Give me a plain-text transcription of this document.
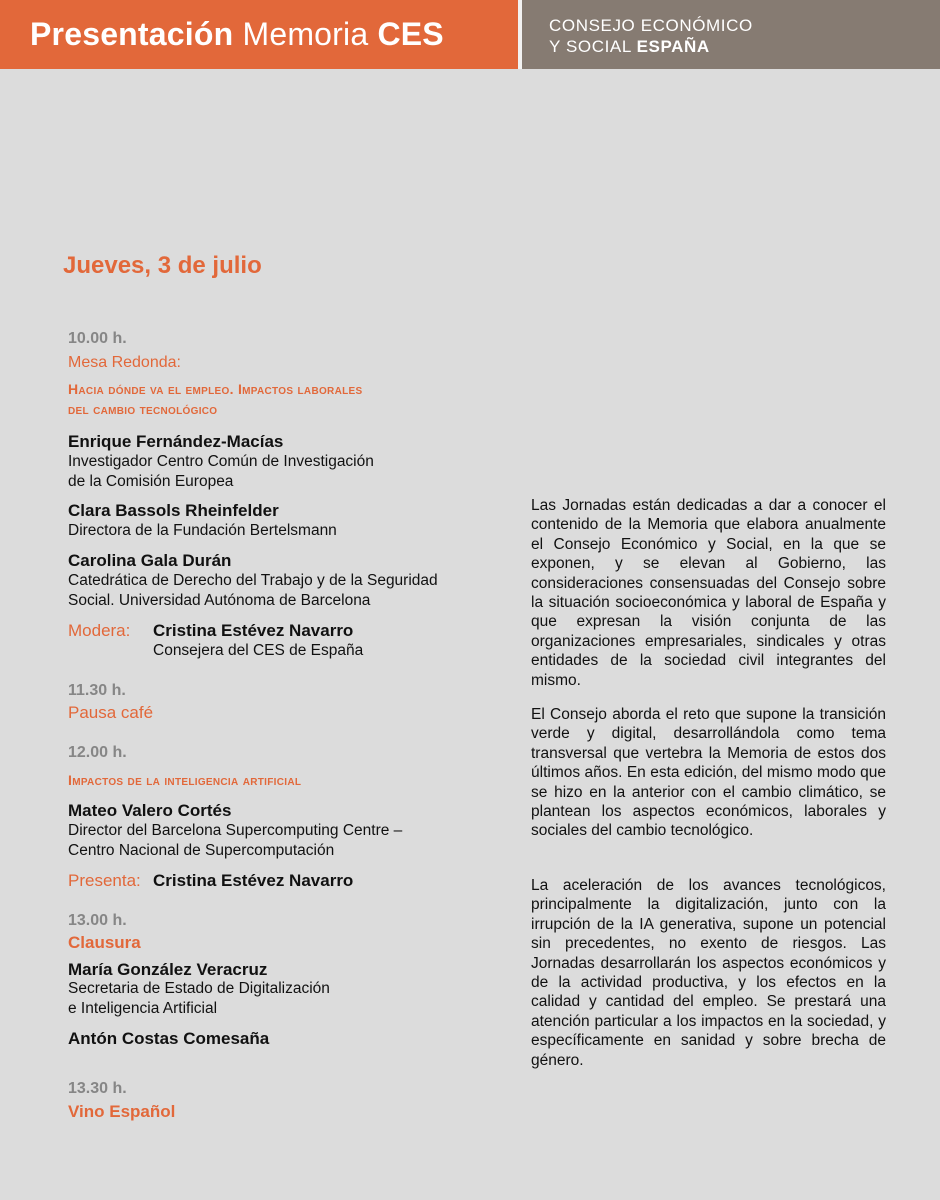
Presentación Memoria CES	CONSEJO ECONÓMICO
Y SOCIAL ESPAÑA
Jueves, 3 de julio
10.00 h.
Mesa Redonda:
Hacia dónde va el empleo. Impactos laborales
del cambio tecnológico
Enrique Fernández-Macías
Investigador Centro Común de Investigación
de la Comisión Europea
Clara Bassols Rheinfelder
Directora de la Fundación Bertelsmann
Carolina Gala Durán
Catedrática de Derecho del Trabajo y de la Seguridad
Social. Universidad Autónoma de Barcelona
Modera: Cristina Estévez Navarro
Consejera del CES de España
11.30 h.
Pausa café
12.00 h.
Impactos de la inteligencia artificial
Mateo Valero Cortés
Director del Barcelona Supercomputing Centre –
Centro Nacional de Supercomputación
Presenta: Cristina Estévez Navarro
13.00 h.
Clausura
María González Veracruz
Secretaria de Estado de Digitalización
e Inteligencia Artificial
Antón Costas Comesaña
13.30 h.
Vino Español

Las Jornadas están dedicadas a dar a conocer el contenido de la Memoria que elabora anualmente el Consejo Económico y Social, en la que se exponen, y se elevan al Gobierno, las consideraciones consensuadas del Consejo sobre la situación socioeconómica y laboral de España y que expresan la visión conjunta de las organizaciones empresariales, sindicales y otras entidades de la sociedad civil integrantes del mismo.

El Consejo aborda el reto que supone la transición verde y digital, desarrollándola como tema transversal que vertebra la Memoria de estos dos últimos años. En esta edición, del mismo modo que se hizo en la anterior con el cambio climático, se plantean los aspectos económicos, laborales y sociales del cambio tecnológico.

La aceleración de los avances tecnológicos, principalmente la digitalización, junto con la irrupción de la IA generativa, supone un potencial sin precedentes, no exento de riesgos. Las Jornadas desarrollarán los aspectos económicos y de la actividad productiva, y los efectos en la calidad y cantidad del empleo. Se prestará una atención particular a los impactos en la sociedad, y específicamente en sanidad y sobre brecha de género.
